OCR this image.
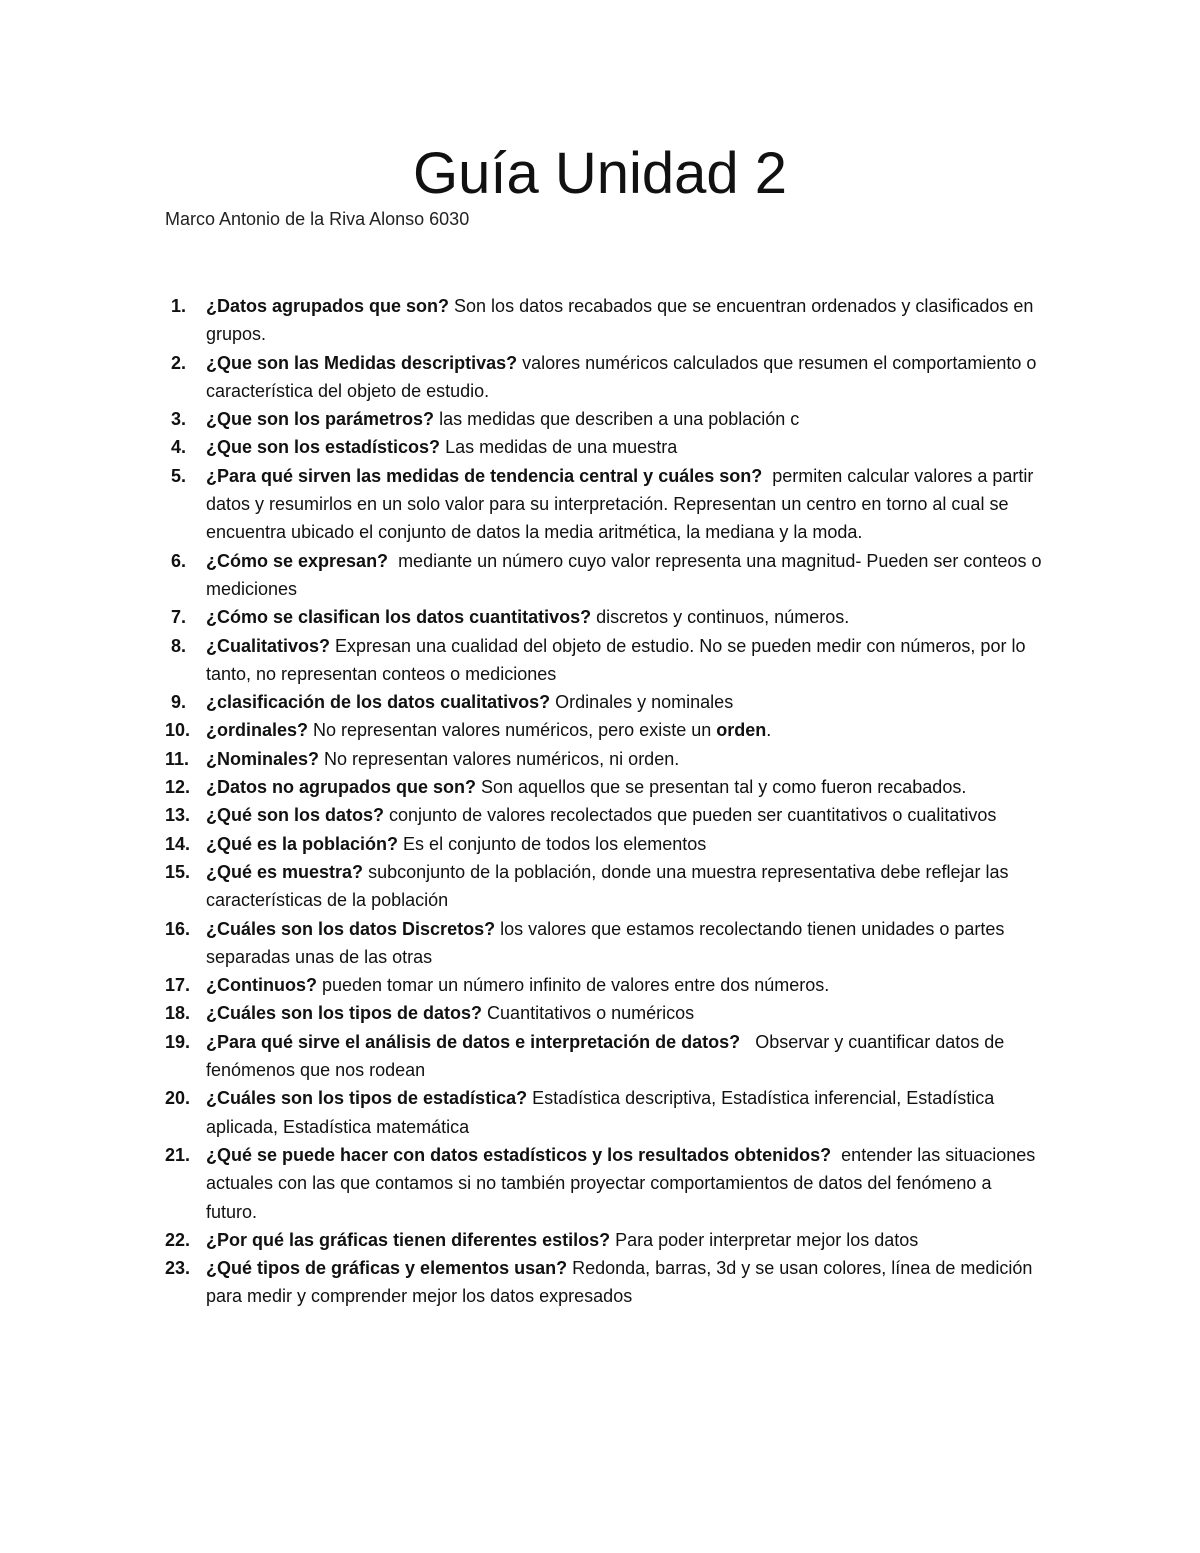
Guía Unidad 2
Marco Antonio de la Riva Alonso 6030
1.	¿Datos agrupados que son? Son los datos recabados que se encuentran ordenados y clasificados en grupos.
2.	¿Que son las Medidas descriptivas? valores numéricos calculados que resumen el comportamiento o característica del objeto de estudio.
3.	¿Que son los parámetros? las medidas que describen a una población c
4.	¿Que son los estadísticos? Las medidas de una muestra
5.	¿Para qué sirven las medidas de tendencia central y cuáles son?  permiten calcular valores a partir datos y resumirlos en un solo valor para su interpretación. Representan un centro en torno al cual se encuentra ubicado el conjunto de datos la media aritmética, la mediana y la moda.
6.	¿Cómo se expresan?  mediante un número cuyo valor representa una magnitud- Pueden ser conteos o mediciones
7.	¿Cómo se clasifican los datos cuantitativos? discretos y continuos, números.
8.	¿Cualitativos? Expresan una cualidad del objeto de estudio. No se pueden medir con números, por lo tanto, no representan conteos o mediciones
9.	¿clasificación de los datos cualitativos? Ordinales y nominales
10. ¿ordinales? No representan valores numéricos, pero existe un orden.
11. ¿Nominales? No representan valores numéricos, ni orden.
12. ¿Datos no agrupados que son? Son aquellos que se presentan tal y como fueron recabados.
13. ¿Qué son los datos? conjunto de valores recolectados que pueden ser cuantitativos o cualitativos
14. ¿Qué es la población? Es el conjunto de todos los elementos
15. ¿Qué es muestra? subconjunto de la población, donde una muestra representativa debe reflejar las características de la población
16. ¿Cuáles son los datos Discretos? los valores que estamos recolectando tienen unidades o partes separadas unas de las otras
17. ¿Continuos? pueden tomar un número infinito de valores entre dos números.
18. ¿Cuáles son los tipos de datos? Cuantitativos o numéricos
19. ¿Para qué sirve el análisis de datos e interpretación de datos?   Observar y cuantificar datos de fenómenos que nos rodean
20. ¿Cuáles son los tipos de estadística? Estadística descriptiva, Estadística inferencial, Estadística aplicada, Estadística matemática
21. ¿Qué se puede hacer con datos estadísticos y los resultados obtenidos?  entender las situaciones actuales con las que contamos si no también proyectar comportamientos de datos del fenómeno a futuro.
22. ¿Por qué las gráficas tienen diferentes estilos? Para poder interpretar mejor los datos
23. ¿Qué tipos de gráficas y elementos usan? Redonda, barras, 3d y se usan colores, línea de medición para medir y comprender mejor los datos expresados
